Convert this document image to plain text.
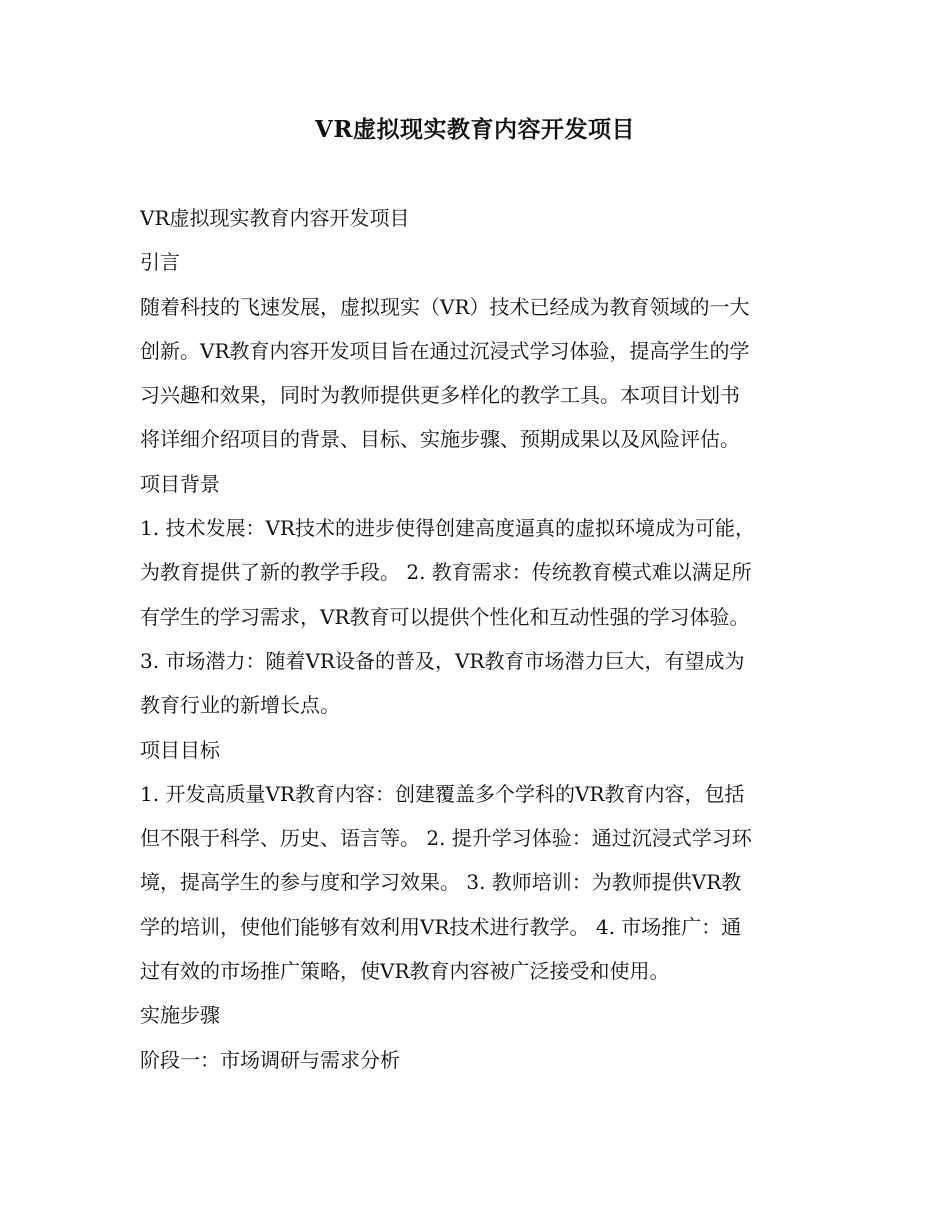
VR虚拟现实教育内容开发项目

VR虚拟现实教育内容开发项目

引言

随着科技的飞速发展，虚拟现实（VR）技术已经成为教育领域的一大

创新。VR教育内容开发项目旨在通过沉浸式学习体验，提高学生的学

习兴趣和效果，同时为教师提供更多样化的教学工具。本项目计划书

将详细介绍项目的背景、目标、实施步骤、预期成果以及风险评估。

项目背景

1. 技术发展：VR技术的进步使得创建高度逼真的虚拟环境成为可能，

为教育提供了新的教学手段。 2. 教育需求：传统教育模式难以满足所

有学生的学习需求，VR教育可以提供个性化和互动性强的学习体验。

3. 市场潜力：随着VR设备的普及，VR教育市场潜力巨大，有望成为

教育行业的新增长点。

项目目标

1. 开发高质量VR教育内容：创建覆盖多个学科的VR教育内容，包括

但不限于科学、历史、语言等。 2. 提升学习体验：通过沉浸式学习环

境，提高学生的参与度和学习效果。 3. 教师培训：为教师提供VR教

学的培训，使他们能够有效利用VR技术进行教学。 4. 市场推广：通

过有效的市场推广策略，使VR教育内容被广泛接受和使用。

实施步骤

阶段一：市场调研与需求分析
